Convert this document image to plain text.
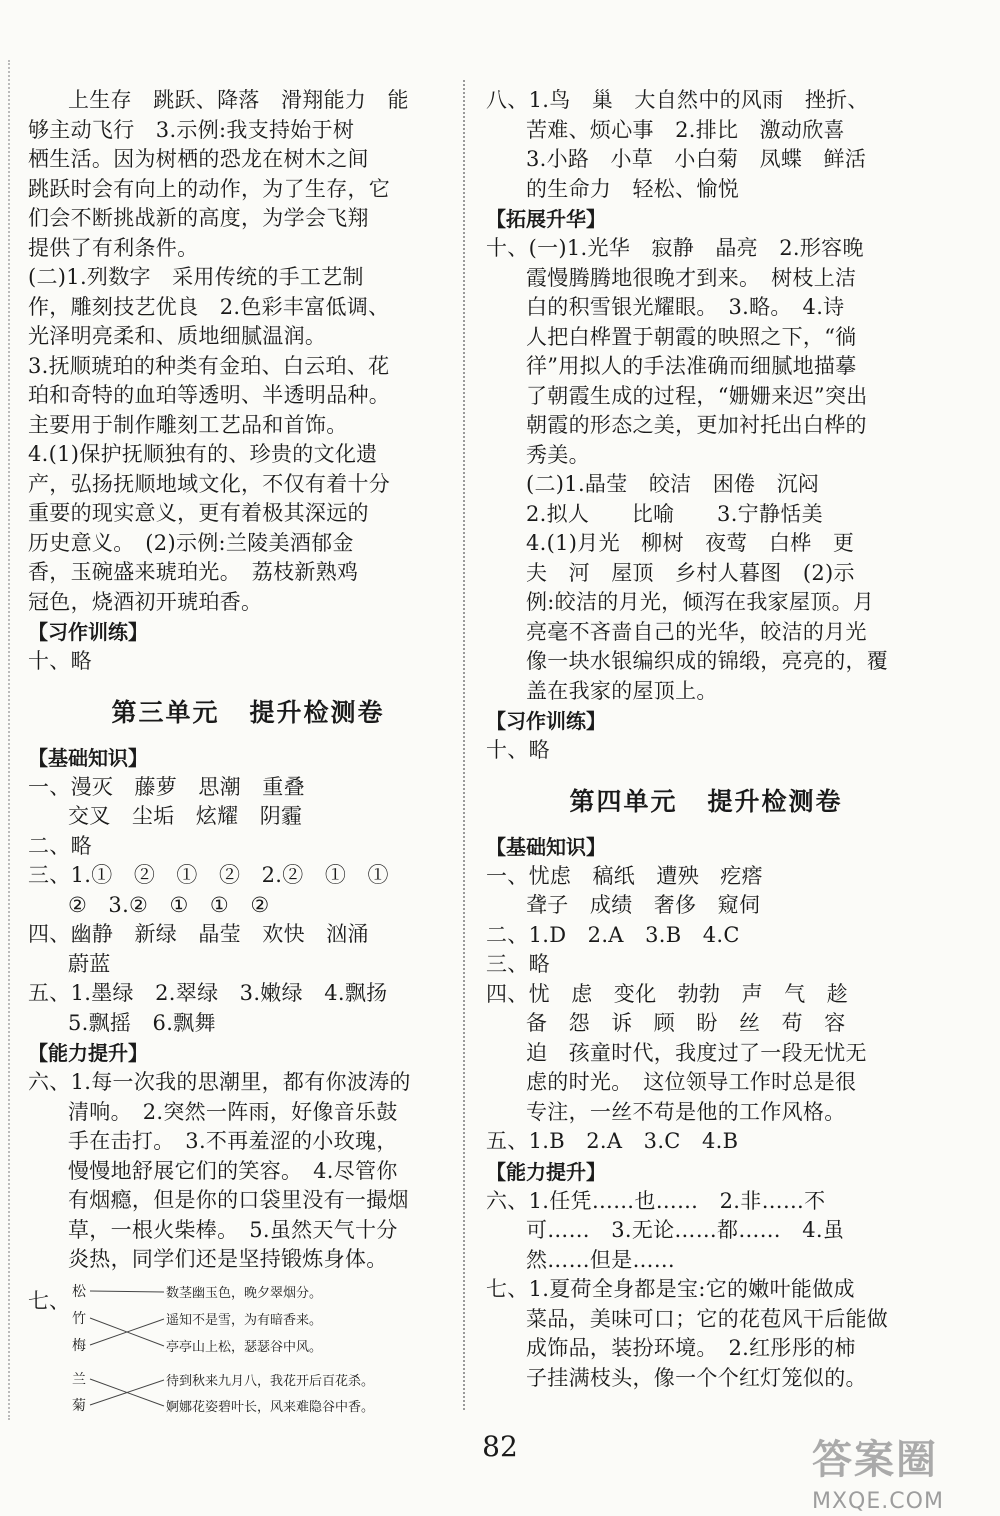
上生存　跳跃、降落　滑翔能力　能
够主动飞行　3.示例:我支持始于树
栖生活。因为树栖的恐龙在树木之间
跳跃时会有向上的动作，为了生存，它
们会不断挑战新的高度，为学会飞翔
提供了有利条件。
(二)1.列数字　采用传统的手工艺制
作，雕刻技艺优良　2.色彩丰富低调、
光泽明亮柔和、质地细腻温润。
3.抚顺琥珀的种类有金珀、白云珀、花
珀和奇特的血珀等透明、半透明品种。
主要用于制作雕刻工艺品和首饰。
4.(1)保护抚顺独有的、珍贵的文化遗
产，弘扬抚顺地域文化，不仅有着十分
重要的现实意义，更有着极其深远的
历史意义。　(2)示例:兰陵美酒郁金
香，玉碗盛来琥珀光。　荔枝新熟鸡
冠色，烧酒初开琥珀香。
【习作训练】
十、略
第三单元 提升检测卷
【基础知识】
一、漫灭　藤萝　思潮　重叠
交叉　尘垢　炫耀　阴霾
二、略
三、1.①　②　①　②　2.②　①　①
②　3.②　①　①　②
四、幽静　新绿　晶莹　欢快　汹涌
蔚蓝
五、1.墨绿　2.翠绿　3.嫩绿　4.飘扬
5.飘摇　6.飘舞
【能力提升】
六、1.每一次我的思潮里，都有你波涛的
清响。　2.突然一阵雨，好像音乐鼓
手在击打。　3.不再羞涩的小玫瑰，
慢慢地舒展它们的笑容。　4.尽管你
有烟瘾，但是你的口袋里没有一撮烟
草，一根火柴棒。　5.虽然天气十分
炎热，同学们还是坚持锻炼身体。
七、 松
竹
梅
兰
菊
数茎幽玉色，晚夕翠烟分。
遥知不是雪，为有暗香来。
亭亭山上松，瑟瑟谷中风。
待到秋来九月八，我花开后百花杀。
婀娜花姿碧叶长，风来难隐谷中香。
八、1.鸟　巢　大自然中的风雨　挫折、
苦难、烦心事　2.排比　激动欣喜
3.小路　小草　小白菊　凤蝶　鲜活
的生命力　轻松、愉悦
【拓展升华】
十、(一)1.光华　寂静　晶亮　2.形容晚
霞慢腾腾地很晚才到来。　树枝上洁
白的积雪银光耀眼。　3.略。　4.诗
人把白桦置于朝霞的映照之下，“徜
徉”用拟人的手法准确而细腻地描摹
了朝霞生成的过程，“姗姗来迟”突出
朝霞的形态之美，更加衬托出白桦的
秀美。
(二)1.晶莹　皎洁　困倦　沉闷
2.拟人　　比喻　　3.宁静恬美
4.(1)月光　柳树　夜莺　白桦　更
夫　河　屋顶　乡村人暮图　(2)示
例:皎洁的月光，倾泻在我家屋顶。月
亮毫不吝啬自己的光华，皎洁的月光
像一块水银编织成的锦缎，亮亮的，覆
盖在我家的屋顶上。
【习作训练】
十、略
第四单元 提升检测卷
【基础知识】
一、忧虑　稿纸　遭殃　疙瘩
聋子　成绩　奢侈　窥伺
二、1.D　2.A　3.B　4.C
三、略
四、忧　虑　变化　勃勃　声　气　趁
备　怨　诉　顾　盼　丝　苟　容
迫　孩童时代，我度过了一段无忧无
虑的时光。　这位领导工作时总是很
专注，一丝不苟是他的工作风格。
五、1.B　2.A　3.C　4.B
【能力提升】
六、1.任凭……也……　2.非……不
可……　3.无论……都……　4.虽
然……但是……
七、1.夏荷全身都是宝:它的嫩叶能做成
菜品，美味可口；它的花苞风干后能做
成饰品，装扮环境。　2.红彤彤的柿
子挂满枝头，像一个个红灯笼似的。
82	答案圈
MXQE.COM
